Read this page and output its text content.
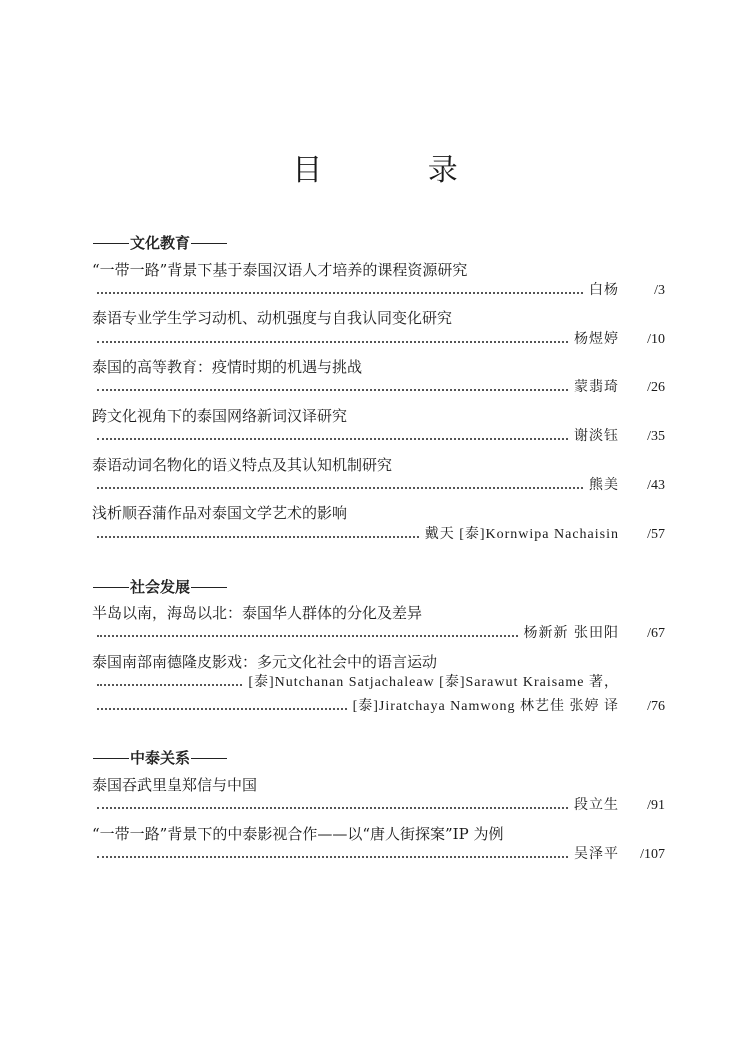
目 录
文化教育
“一带一路”背景下基于泰国汉语人才培养的课程资源研究
白杨	/3
泰语专业学生学习动机、动机强度与自我认同变化研究
杨煜婷	/10
泰国的高等教育：疫情时期的机遇与挑战
蒙翡琦	/26
跨文化视角下的泰国网络新词汉译研究
谢淡钰	/35
泰语动词名物化的语义特点及其认知机制研究
熊美	/43
浅析顺吞蒲作品对泰国文学艺术的影响
戴天 [泰]Kornwipa Nachaisin	/57
社会发展
半岛以南，海岛以北：泰国华人群体的分化及差异
杨新新 张田阳	/67
泰国南部南德隆皮影戏：多元文化社会中的语言运动
[泰]Nutchanan Satjachaleaw [泰]Sarawut Kraisame 著，
[泰]Jiratchaya Namwong 林艺佳 张婷 译	/76
中泰关系
泰国吞武里皇郑信与中国
段立生	/91
“一带一路”背景下的中泰影视合作——以“唐人街探案”IP 为例
吴泽平	/107
